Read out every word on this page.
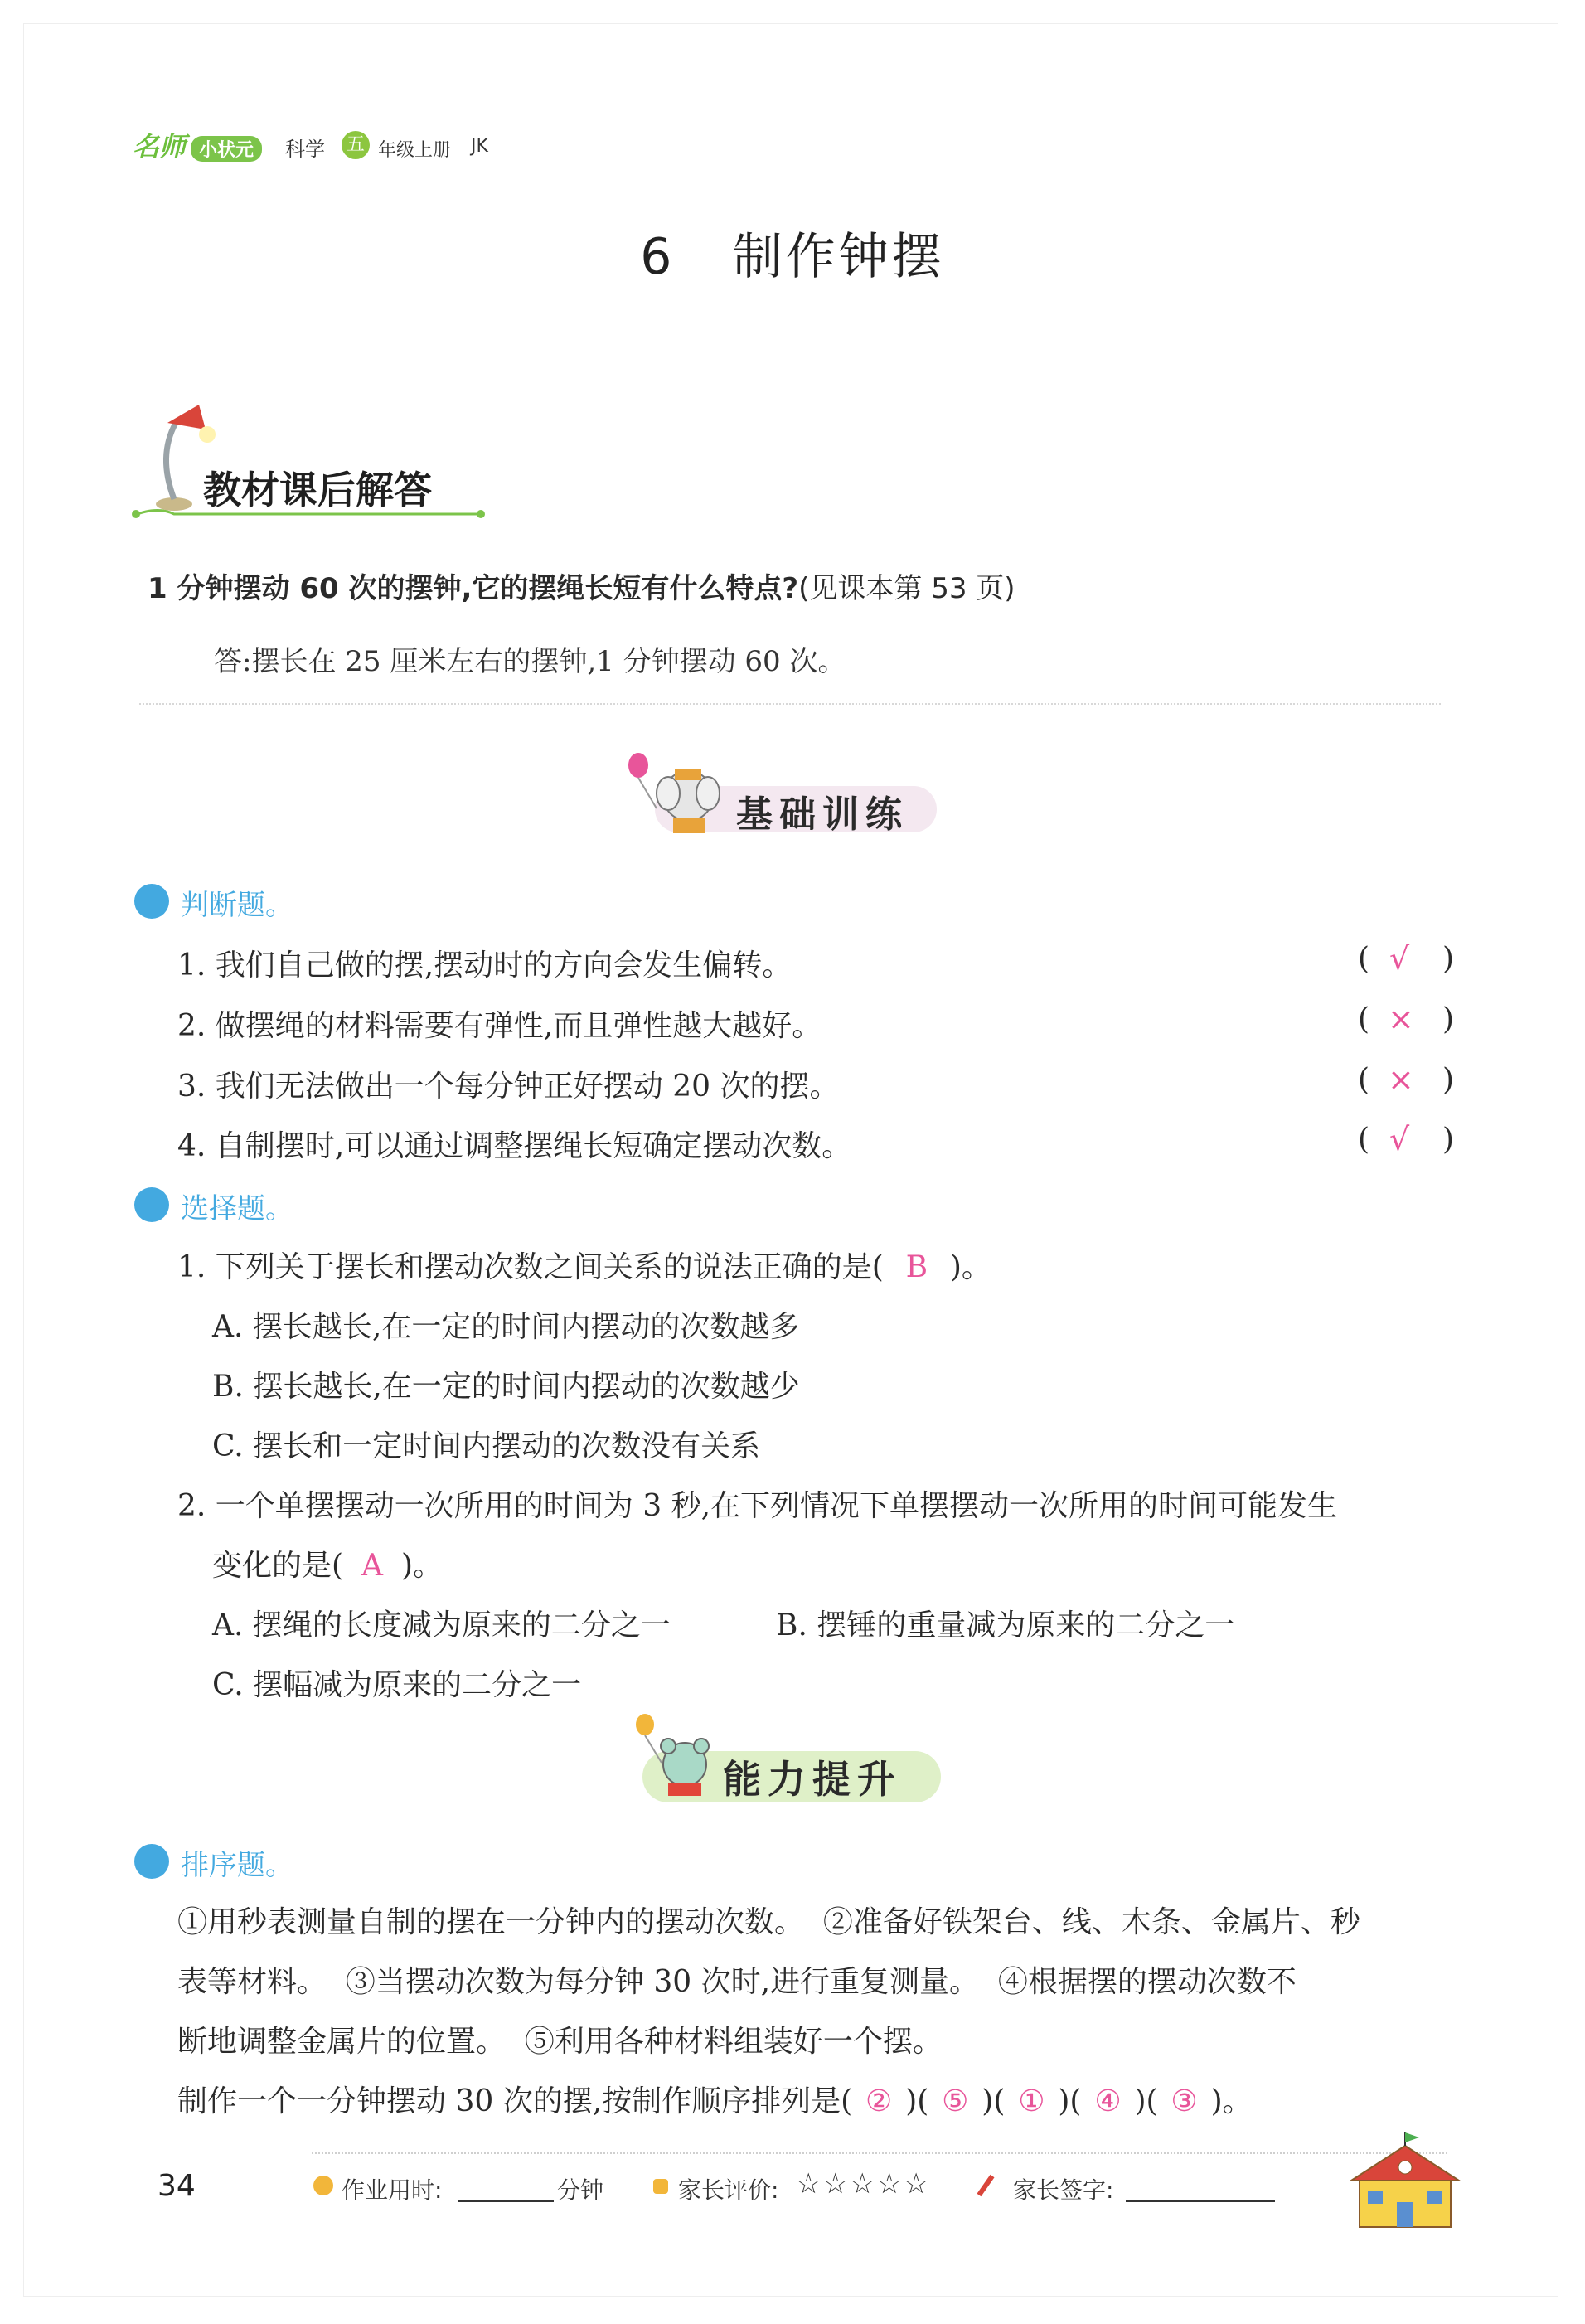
名师 小状元	科学 五 年级上册 JK
6   制作钟摆
教材课后解答
1 分钟摆动 60 次的摆钟,它的摆绳长短有什么特点?(见课本第 53 页)
答:摆长在 25 厘米左右的摆钟,1 分钟摆动 60 次。
基础训练
判断题。
1. 我们自己做的摆,摆动时的方向会发生偏转。	( √ )
2. 做摆绳的材料需要有弹性,而且弹性越大越好。	( × )
3. 我们无法做出一个每分钟正好摆动 20 次的摆。	( × )
4. 自制摆时,可以通过调整摆绳长短确定摆动次数。	( √ )
选择题。
1. 下列关于摆长和摆动次数之间关系的说法正确的是( B )。
A. 摆长越长,在一定的时间内摆动的次数越多
B. 摆长越长,在一定的时间内摆动的次数越少
C. 摆长和一定时间内摆动的次数没有关系
2. 一个单摆摆动一次所用的时间为 3 秒,在下列情况下单摆摆动一次所用的时间可能发生
变化的是( A )。
A. 摆绳的长度减为原来的二分之一	B. 摆锤的重量减为原来的二分之一
C. 摆幅减为原来的二分之一
能力提升
排序题。
①用秒表测量自制的摆在一分钟内的摆动次数。  ②准备好铁架台、线、木条、金属片、秒
表等材料。  ③当摆动次数为每分钟 30 次时,进行重复测量。  ④根据摆的摆动次数不
断地调整金属片的位置。  ⑤利用各种材料组装好一个摆。
制作一个一分钟摆动 30 次的摆,按制作顺序排列是( ② )( ⑤ )( ① )( ④ )( ③ )。
34	作业用时:	分钟	家长评价: ☆☆☆☆☆	家长签字:
